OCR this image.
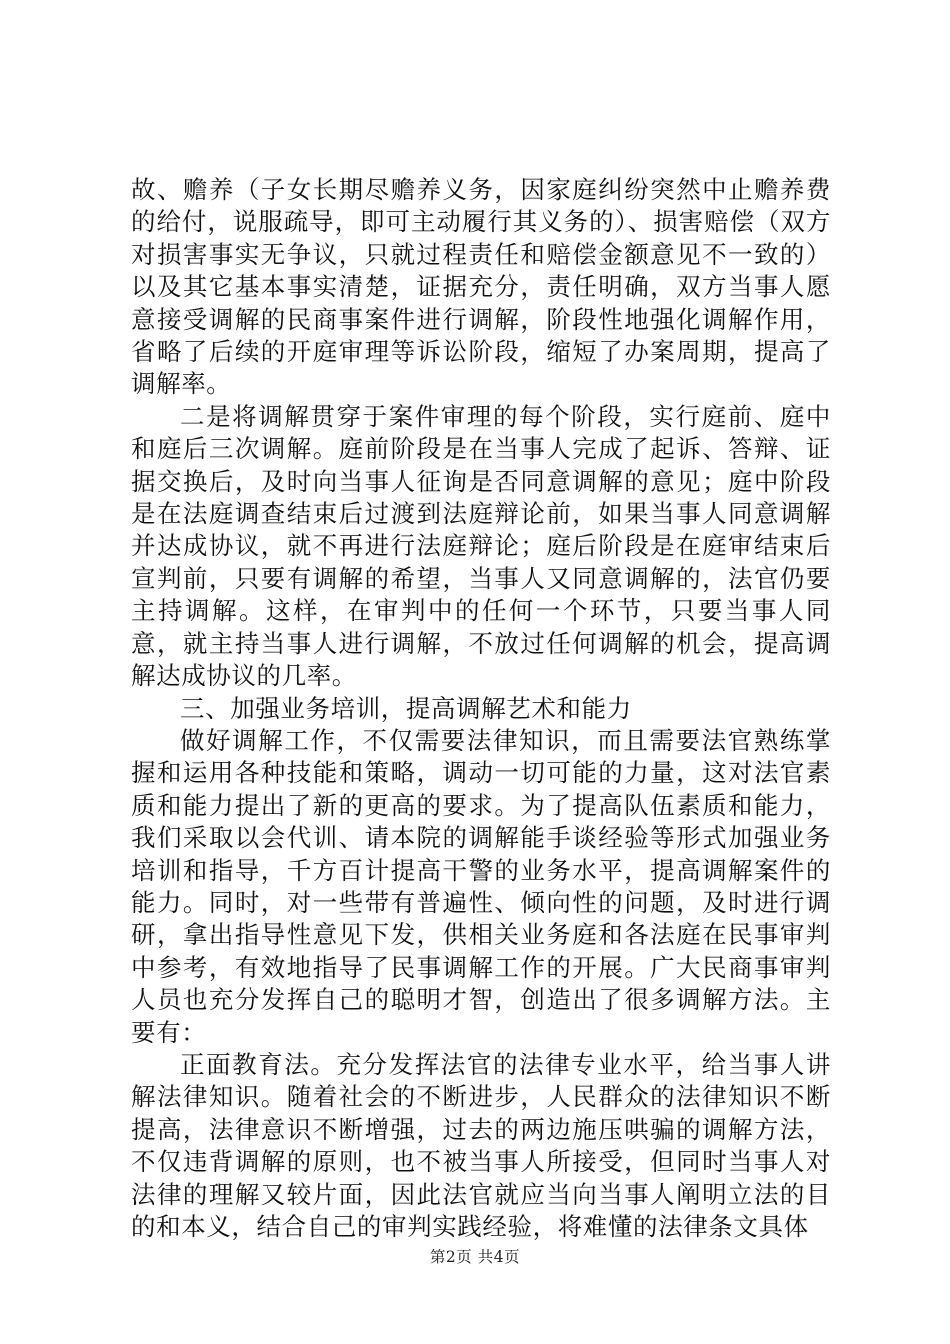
故、赡养（子女长期尽赡养义务，因家庭纠纷突然中止赡养费的给付，说服疏导，即可主动履行其义务的）、损害赔偿（双方对损害事实无争议，只就过程责任和赔偿金额意见不一致的）以及其它基本事实清楚，证据充分，责任明确，双方当事人愿意接受调解的民商事案件进行调解，阶段性地强化调解作用，省略了后续的开庭审理等诉讼阶段，缩短了办案周期，提高了调解率。

二是将调解贯穿于案件审理的每个阶段，实行庭前、庭中和庭后三次调解。庭前阶段是在当事人完成了起诉、答辩、证据交换后，及时向当事人征询是否同意调解的意见；庭中阶段是在法庭调查结束后过渡到法庭辩论前，如果当事人同意调解并达成协议，就不再进行法庭辩论；庭后阶段是在庭审结束后宣判前，只要有调解的希望，当事人又同意调解的，法官仍要主持调解。这样，在审判中的任何一个环节，只要当事人同意，就主持当事人进行调解，不放过任何调解的机会，提高调解达成协议的几率。

三、加强业务培训，提高调解艺术和能力

做好调解工作，不仅需要法律知识，而且需要法官熟练掌握和运用各种技能和策略，调动一切可能的力量，这对法官素质和能力提出了新的更高的要求。为了提高队伍素质和能力，我们采取以会代训、请本院的调解能手谈经验等形式加强业务培训和指导，千方百计提高干警的业务水平，提高调解案件的能力。同时，对一些带有普遍性、倾向性的问题，及时进行调研，拿出指导性意见下发，供相关业务庭和各法庭在民事审判中参考，有效地指导了民事调解工作的开展。广大民商事审判人员也充分发挥自己的聪明才智，创造出了很多调解方法。主要有：

正面教育法。充分发挥法官的法律专业水平，给当事人讲解法律知识。随着社会的不断进步，人民群众的法律知识不断提高，法律意识不断增强，过去的两边施压哄骗的调解方法，不仅违背调解的原则，也不被当事人所接受，但同时当事人对法律的理解又较片面，因此法官就应当向当事人阐明立法的目的和本义，结合自己的审判实践经验，将难懂的法律条文具体

第2页 共4页
